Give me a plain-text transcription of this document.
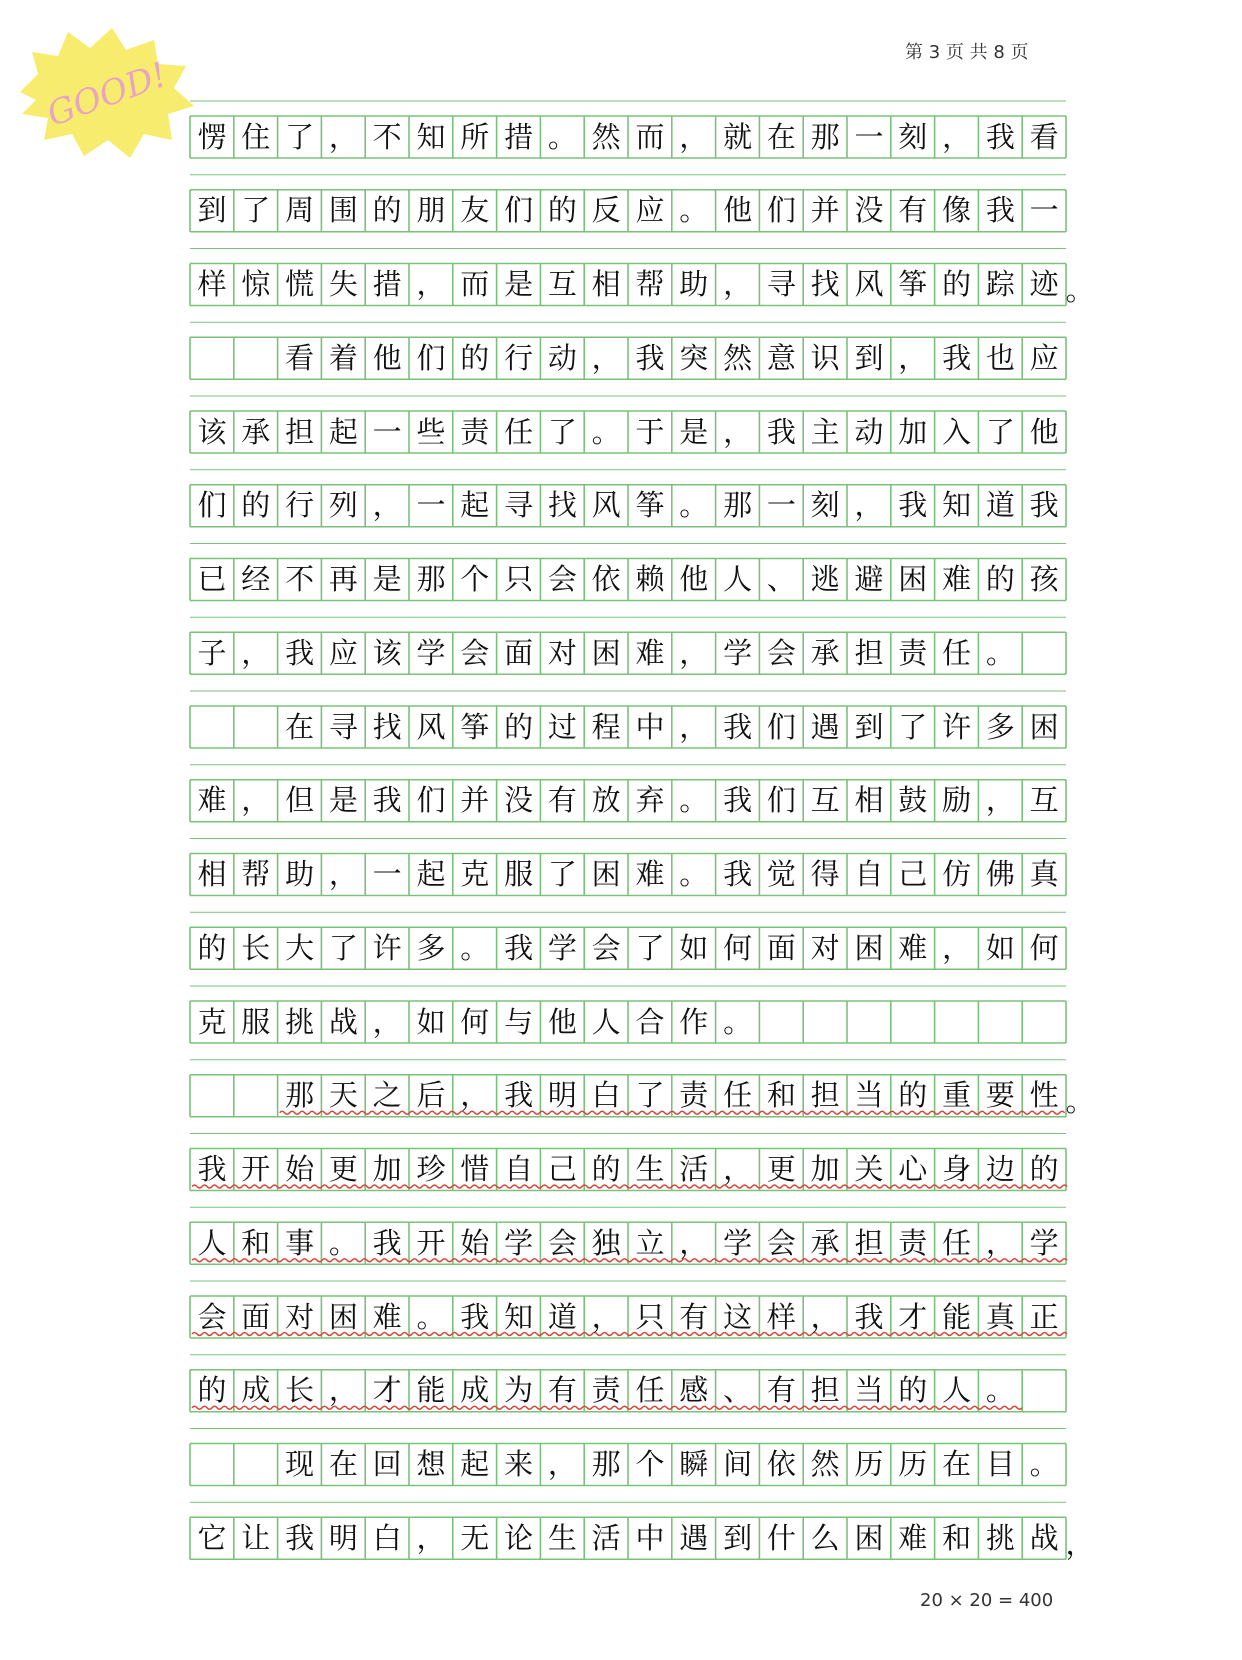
第 3 页 共 8 页
GOOD!
愣 住 了 ， 不 知 所 措 。 然 而 ， 就 在 那 一 刻 ， 我 看
到 了 周 围 的 朋 友 们 的 反 应 。 他 们 并 没 有 像 我 一
样 惊 慌 失 措 ， 而 是 互 相 帮 助 ， 寻 找 风 筝 的 踪 迹 。
看 着 他 们 的 行 动 ， 我 突 然 意 识 到 ， 我 也 应
该 承 担 起 一 些 责 任 了 。 于 是 ， 我 主 动 加 入 了 他
们 的 行 列 ， 一 起 寻 找 风 筝 。 那 一 刻 ， 我 知 道 我
已 经 不 再 是 那 个 只 会 依 赖 他 人 、 逃 避 困 难 的 孩
子 ， 我 应 该 学 会 面 对 困 难 ， 学 会 承 担 责 任 。
在 寻 找 风 筝 的 过 程 中 ， 我 们 遇 到 了 许 多 困
难 ， 但 是 我 们 并 没 有 放 弃 。 我 们 互 相 鼓 励 ， 互
相 帮 助 ， 一 起 克 服 了 困 难 。 我 觉 得 自 己 仿 佛 真
的 长 大 了 许 多 。 我 学 会 了 如 何 面 对 困 难 ， 如 何
克 服 挑 战 ， 如 何 与 他 人 合 作 。
那 天 之 后 ， 我 明 白 了 责 任 和 担 当 的 重 要 性 。
我 开 始 更 加 珍 惜 自 己 的 生 活 ， 更 加 关 心 身 边 的
人 和 事 。 我 开 始 学 会 独 立 ， 学 会 承 担 责 任 ， 学
会 面 对 困 难 。 我 知 道 ， 只 有 这 样 ， 我 才 能 真 正
的 成 长 ， 才 能 成 为 有 责 任 感 、 有 担 当 的 人 。
现 在 回 想 起 来 ， 那 个 瞬 间 依 然 历 历 在 目 。
它 让 我 明 白 ， 无 论 生 活 中 遇 到 什 么 困 难 和 挑 战 ，
20 × 20 = 400
